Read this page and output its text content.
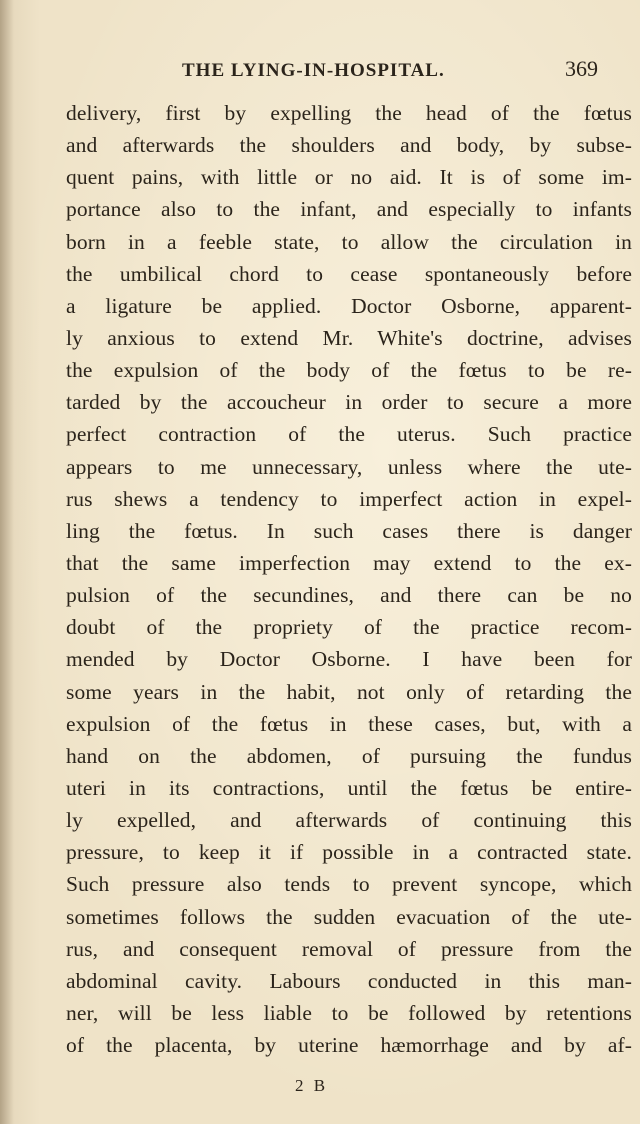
THE LYING-IN-HOSPITAL.	369
delivery, first by expelling the head of the fœtus
and afterwards the shoulders and body, by subse-
quent pains, with little or no aid. It is of some im-
portance also to the infant, and especially to infants
born in a feeble state, to allow the circulation in
the umbilical chord to cease spontaneously before
a ligature be applied. Doctor Osborne, apparent-
ly anxious to extend Mr. White's doctrine, advises
the expulsion of the body of the fœtus to be re-
tarded by the accoucheur in order to secure a more
perfect contraction of the uterus. Such practice
appears to me unnecessary, unless where the ute-
rus shews a tendency to imperfect action in expel-
ling the fœtus. In such cases there is danger
that the same imperfection may extend to the ex-
pulsion of the secundines, and there can be no
doubt of the propriety of the practice recom-
mended by Doctor Osborne. I have been for
some years in the habit, not only of retarding the
expulsion of the fœtus in these cases, but, with a
hand on the abdomen, of pursuing the fundus
uteri in its contractions, until the fœtus be entire-
ly expelled, and afterwards of continuing this
pressure, to keep it if possible in a contracted state.
Such pressure also tends to prevent syncope, which
sometimes follows the sudden evacuation of the ute-
rus, and consequent removal of pressure from the
abdominal cavity. Labours conducted in this man-
ner, will be less liable to be followed by retentions
of the placenta, by uterine hæmorrhage and by af-
2 B
